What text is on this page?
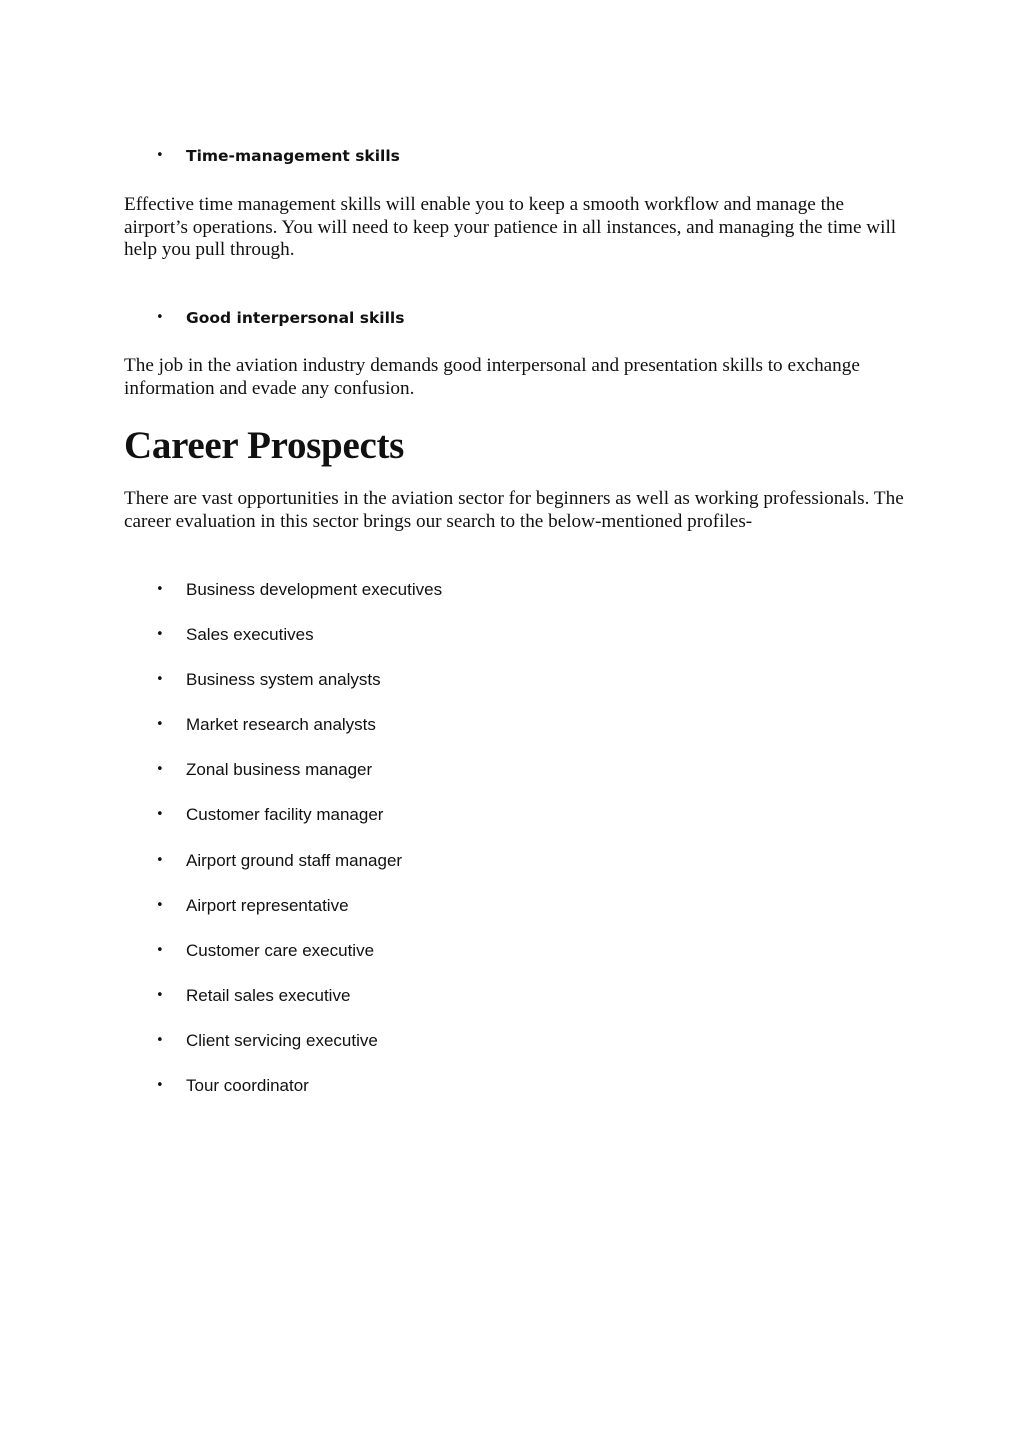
• Time-management skills

Effective time management skills will enable you to keep a smooth workflow and manage the airport’s operations. You will need to keep your patience in all instances, and managing the time will help you pull through.

• Good interpersonal skills

The job in the aviation industry demands good interpersonal and presentation skills to exchange information and evade any confusion.

Career Prospects

There are vast opportunities in the aviation sector for beginners as well as working professionals. The career evaluation in this sector brings our search to the below-mentioned profiles-

• Business development executives
• Sales executives
• Business system analysts
• Market research analysts
• Zonal business manager
• Customer facility manager
• Airport ground staff manager
• Airport representative
• Customer care executive
• Retail sales executive
• Client servicing executive
• Tour coordinator
